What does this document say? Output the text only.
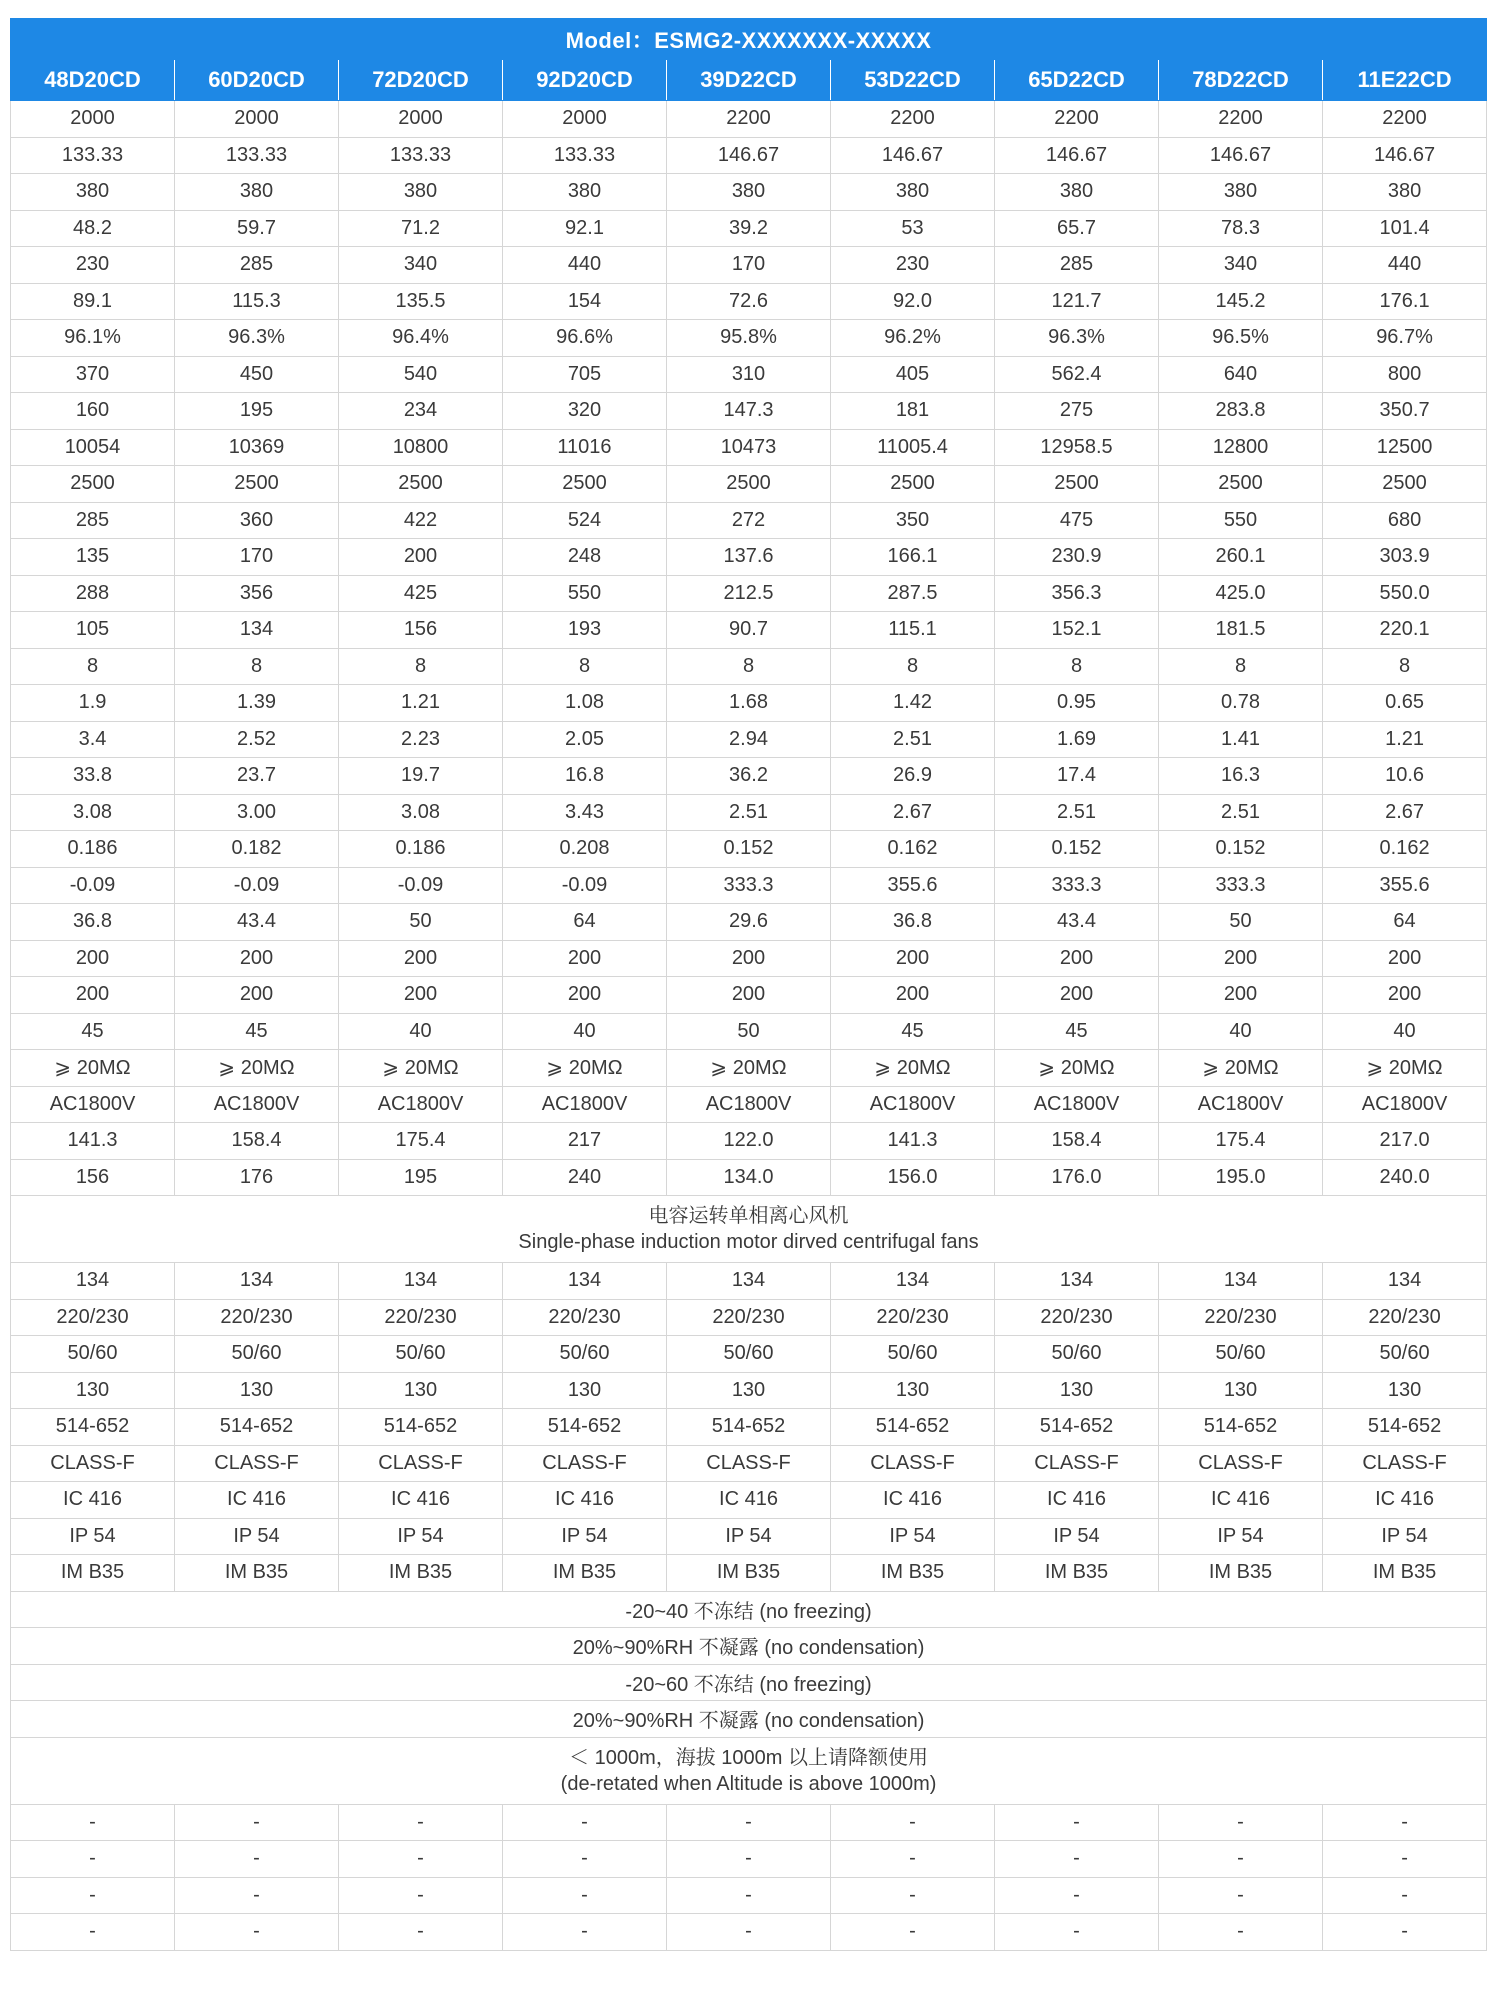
Model：ESMG2-XXXXXXX-XXXXX								
48D20CD	60D20CD	72D20CD	92D20CD	39D22CD	53D22CD	65D22CD	78D22CD	11E22CD
2000	2000	2000	2000	2200	2200	2200	2200	2200
133.33	133.33	133.33	133.33	146.67	146.67	146.67	146.67	146.67
380	380	380	380	380	380	380	380	380
48.2	59.7	71.2	92.1	39.2	53	65.7	78.3	101.4
230	285	340	440	170	230	285	340	440
89.1	115.3	135.5	154	72.6	92.0	121.7	145.2	176.1
96.1%	96.3%	96.4%	96.6%	95.8%	96.2%	96.3%	96.5%	96.7%
370	450	540	705	310	405	562.4	640	800
160	195	234	320	147.3	181	275	283.8	350.7
10054	10369	10800	11016	10473	11005.4	12958.5	12800	12500
2500	2500	2500	2500	2500	2500	2500	2500	2500
285	360	422	524	272	350	475	550	680
135	170	200	248	137.6	166.1	230.9	260.1	303.9
288	356	425	550	212.5	287.5	356.3	425.0	550.0
105	134	156	193	90.7	115.1	152.1	181.5	220.1
8	8	8	8	8	8	8	8	8
1.9	1.39	1.21	1.08	1.68	1.42	0.95	0.78	0.65
3.4	2.52	2.23	2.05	2.94	2.51	1.69	1.41	1.21
33.8	23.7	19.7	16.8	36.2	26.9	17.4	16.3	10.6
3.08	3.00	3.08	3.43	2.51	2.67	2.51	2.51	2.67
0.186	0.182	0.186	0.208	0.152	0.162	0.152	0.152	0.162
-0.09	-0.09	-0.09	-0.09	333.3	355.6	333.3	333.3	355.6
36.8	43.4	50	64	29.6	36.8	43.4	50	64
200	200	200	200	200	200	200	200	200
200	200	200	200	200	200	200	200	200
45	45	40	40	50	45	45	40	40
⩾ 20MΩ	⩾ 20MΩ	⩾ 20MΩ	⩾ 20MΩ	⩾ 20MΩ	⩾ 20MΩ	⩾ 20MΩ	⩾ 20MΩ	⩾ 20MΩ
AC1800V	AC1800V	AC1800V	AC1800V	AC1800V	AC1800V	AC1800V	AC1800V	AC1800V
141.3	158.4	175.4	217	122.0	141.3	158.4	175.4	217.0
156	176	195	240	134.0	156.0	176.0	195.0	240.0

电容运转单相离心风机
Single-phase induction motor dirved centrifugal fans								

134	134	134	134	134	134	134	134	134
220/230	220/230	220/230	220/230	220/230	220/230	220/230	220/230	220/230
50/60	50/60	50/60	50/60	50/60	50/60	50/60	50/60	50/60
130	130	130	130	130	130	130	130	130
514-652	514-652	514-652	514-652	514-652	514-652	514-652	514-652	514-652
CLASS-F	CLASS-F	CLASS-F	CLASS-F	CLASS-F	CLASS-F	CLASS-F	CLASS-F	CLASS-F
IC 416	IC 416	IC 416	IC 416	IC 416	IC 416	IC 416	IC 416	IC 416
IP 54	IP 54	IP 54	IP 54	IP 54	IP 54	IP 54	IP 54	IP 54
IM B35	IM B35	IM B35	IM B35	IM B35	IM B35	IM B35	IM B35	IM B35
-20~40 不冻结 (no freezing)								
20%~90%RH 不凝露 (no condensation)								
-20~60 不冻结 (no freezing)								
20%~90%RH 不凝露 (no condensation)								

＜ 1000m，海拔 1000m 以上请降额使用
(de-retated when Altitude is above 1000m)								

-	-	-	-	-	-	-	-	-
-	-	-	-	-	-	-	-	-
-	-	-	-	-	-	-	-	-
-	-	-	-	-	-	-	-	-
